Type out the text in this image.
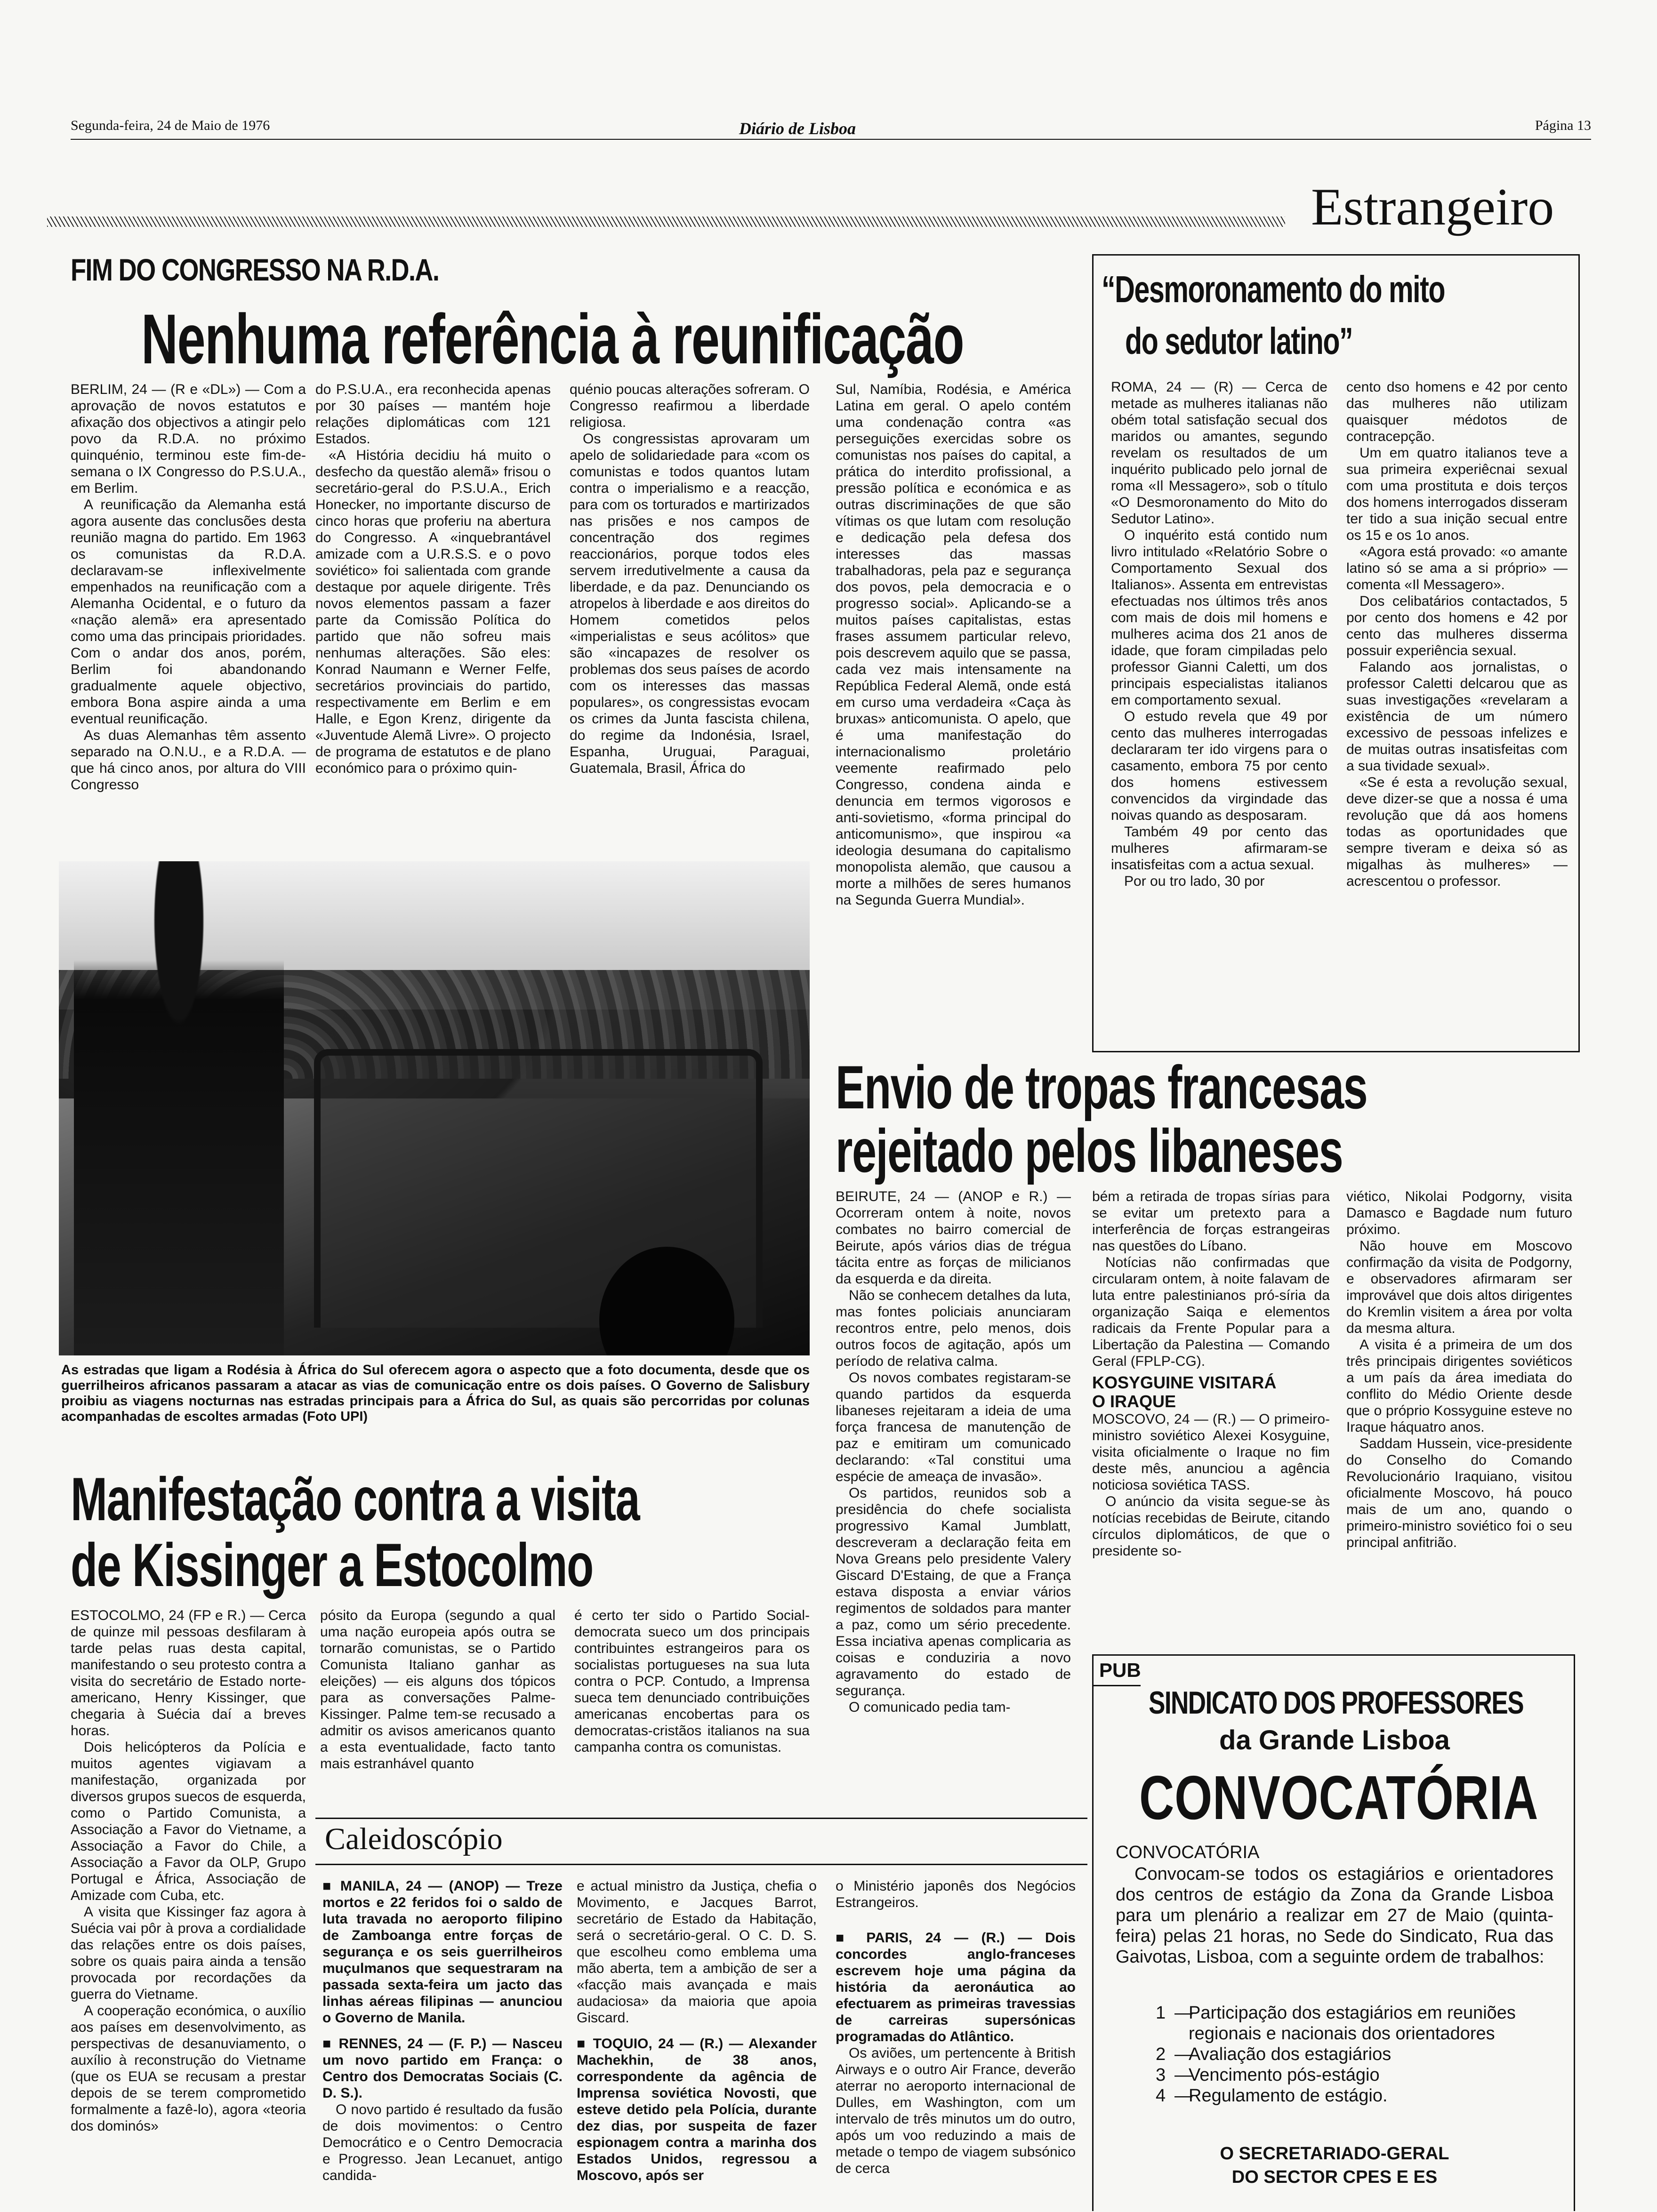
Segunda-feira, 24 de Maio de 1976	Diário de Lisboa	Página 13
Estrangeiro
FIM DO CONGRESSO NA R.D.A.
Nenhuma referência à reunificação

BERLIM, 24 — (R e «DL») — Com a aprovação de novos estatutos e afixação dos objectivos a atingir pelo povo da R.D.A. no próximo quinquénio, terminou este fim-de-semana o IX Congresso do P.S.U.A., em Berlim.

A reunificação da Alemanha está agora ausente das conclusões desta reunião magna do partido. Em 1963 os comunistas da R.D.A. declaravam-se inflexivelmente empenhados na reunificação com a Alemanha Ocidental, e o futuro da «nação alemã» era apresentado como uma das principais prioridades. Com o andar dos anos, porém, Berlim foi abandonando gradualmente aquele objectivo, embora Bona aspire ainda a uma eventual reunificação.

As duas Alemanhas têm assento separado na O.N.U., e a R.D.A. — que há cinco anos, por altura do VIII Congresso

do P.S.U.A., era reconhecida apenas por 30 países — mantém hoje relações diplomáticas com 121 Estados.

«A História decidiu há muito o desfecho da questão alemã» frisou o secretário-geral do P.S.U.A., Erich Honecker, no importante discurso de cinco horas que proferiu na abertura do Congresso. A «inquebrantável amizade com a U.R.S.S. e o povo soviético» foi salientada com grande destaque por aquele dirigente. Três novos elementos passam a fazer parte da Comissão Política do partido que não sofreu mais nenhumas alterações. São eles: Konrad Naumann e Werner Felfe, secretários provinciais do partido, respectivamente em Berlim e em Halle, e Egon Krenz, dirigente da «Juventude Alemã Livre». O projecto de programa de estatutos e de plano económico para o próximo quin-

quénio poucas alterações sofreram. O Congresso reafirmou a liberdade religiosa.

Os congressistas aprovaram um apelo de solidariedade para «com os comunistas e todos quantos lutam contra o imperialismo e a reacção, para com os torturados e martirizados nas prisões e nos campos de concentração dos regimes reaccionários, porque todos eles servem irredutivelmente a causa da liberdade, e da paz. Denunciando os atropelos à liberdade e aos direitos do Homem cometidos pelos «imperialistas e seus acólitos» que são «incapazes de resolver os problemas dos seus países de acordo com os interesses das massas populares», os congressistas evocam os crimes da Junta fascista chilena, do regime da Indonésia, Israel, Espanha, Uruguai, Paraguai, Guatemala, Brasil, África do

Sul, Namíbia, Rodésia, e América Latina em geral. O apelo contém uma condenação contra «as perseguições exercidas sobre os comunistas nos países do capital, a prática do interdito profissional, a pressão política e económica e as outras discriminações de que são vítimas os que lutam com resolução e dedicação pela defesa dos interesses das massas trabalhadoras, pela paz e segurança dos povos, pela democracia e o progresso social». Aplicando-se a muitos países capitalistas, estas frases assumem particular relevo, pois descrevem aquilo que se passa, cada vez mais intensamente na República Federal Alemã, onde está em curso uma verdadeira «Caça às bruxas» anticomunista. O apelo, que é uma manifestação do internacionalismo proletário veemente reafirmado pelo Congresso, condena ainda e denuncia em termos vigorosos e anti-sovietismo, «forma principal do anticomunismo», que inspirou «a ideologia desumana do capitalismo monopolista alemão, que causou a morte a milhões de seres humanos na Segunda Guerra Mundial».

“Desmoronamento do mito
do sedutor latino”

ROMA, 24 — (R) — Cerca de metade as mulheres italianas não obém total satisfação secual dos maridos ou amantes, segundo revelam os resultados de um inquérito publicado pelo jornal de roma «Il Messagero», sob o título «O Desmoronamento do Mito do Sedutor Latino».

O inquérito está contido num livro intitulado «Relatório Sobre o Comportamento Sexual dos Italianos». Assenta em entrevistas efectuadas nos últimos três anos com mais de dois mil homens e mulheres acima dos 21 anos de idade, que foram cimpiladas pelo professor Gianni Caletti, um dos principais especialistas italianos em comportamento sexual.

O estudo revela que 49 por cento das mulheres interrogadas declararam ter ido virgens para o casamento, embora 75 por cento dos homens estivessem convencidos da virgindade das noivas quando as desposaram.

Também 49 por cento das mulheres afirmaram-se insatisfeitas com a actua sexual.

Por ou tro lado, 30 por

cento dso homens e 42 por cento das mulheres não utilizam quaisquer médotos de contracepção.

Um em quatro italianos teve a sua primeira experiêcnai sexual com uma prostituta e dois terços dos homens interrogados disseram ter tido a sua inição secual entre os 15 e os 1o anos.

«Agora está provado: «o amante latino só se ama a si próprio» — comenta «Il Messagero».

Dos celibatários contactados, 5 por cento dos homens e 42 por cento das mulheres disserma possuir experiência sexual.

Falando aos jornalistas, o professor Caletti delcarou que as suas investigações «revelaram a existência de um número excessivo de pessoas infelizes e de muitas outras insatisfeitas com a sua tividade sexual».

«Se é esta a revolução sexual, deve dizer-se que a nossa é uma revolução que dá aos homens todas as oportunidades que sempre tiveram e deixa só as migalhas às mulheres» — acrescentou o professor.

As estradas que ligam a Rodésia à África do Sul oferecem agora o aspecto que a foto documenta, desde que os guerrilheiros africanos passaram a atacar as vias de comunicação entre os dois países. O Governo de Salisbury proibiu as viagens nocturnas nas estradas principais para a África do Sul, as quais são percorridas por colunas acompanhadas de escoltes armadas (Foto UPI)
Envio de tropas francesas
rejeitado pelos libaneses

BEIRUTE, 24 — (ANOP e R.) — Ocorreram ontem à noite, novos combates no bairro comercial de Beirute, após vários dias de trégua tácita entre as forças de milicianos da esquerda e da direita.

Não se conhecem detalhes da luta, mas fontes policiais anunciaram recontros entre, pelo menos, dois outros focos de agitação, após um período de relativa calma.

Os novos combates registaram-se quando partidos da esquerda libaneses rejeitaram a ideia de uma força francesa de manutenção de paz e emitiram um comunicado declarando: «Tal constitui uma espécie de ameaça de invasão».

Os partidos, reunidos sob a presidência do chefe socialista progressivo Kamal Jumblatt, descreveram a declaração feita em Nova Greans pelo presidente Valery Giscard D'Estaing, de que a França estava disposta a enviar vários regimentos de soldados para manter a paz, como um sério precedente. Essa inciativa apenas complicaria as coisas e conduziria a novo agravamento do estado de segurança.

O comunicado pedia tam-

bém a retirada de tropas sírias para se evitar um pretexto para a interferência de forças estrangeiras nas questões do Líbano.

Notícias não confirmadas que circularam ontem, à noite falavam de luta entre palestinianos pró-síria da organização Saiqa e elementos radicais da Frente Popular para a Libertação da Palestina — Comando Geral (FPLP-CG).

KOSYGUINE VISITARÁ
O IRAQUE

MOSCOVO, 24 — (R.) — O primeiro-ministro soviético Alexei Kosyguine, visita oficialmente o Iraque no fim deste mês, anunciou a agência noticiosa soviética TASS.

O anúncio da visita segue-se às notícias recebidas de Beirute, citando círculos diplomáticos, de que o presidente so-

viético, Nikolai Podgorny, visita Damasco e Bagdade num futuro próximo.

Não houve em Moscovo confirmação da visita de Podgorny, e observadores afirmaram ser improvável que dois altos dirigentes do Kremlin visitem a área por volta da mesma altura.

A visita é a primeira de um dos três principais dirigentes soviéticos a um país da área imediata do conflito do Médio Oriente desde que o próprio Kossyguine esteve no Iraque háquatro anos.

Saddam Hussein, vice-presidente do Conselho do Comando Revolucionário Iraquiano, visitou oficialmente Moscovo, há pouco mais de um ano, quando o primeiro-ministro soviético foi o seu principal anfitrião.

Manifestação contra a visita
de Kissinger a Estocolmo

ESTOCOLMO, 24 (FP e R.) — Cerca de quinze mil pessoas desfilaram à tarde pelas ruas desta capital, manifestando o seu protesto contra a visita do secretário de Estado norte-americano, Henry Kissinger, que chegaria à Suécia daí a breves horas.

Dois helicópteros da Polícia e muitos agentes vigiavam a manifestação, organizada por diversos grupos suecos de esquerda, como o Partido Comunista, a Associação a Favor do Vietname, a Associação a Favor do Chile, a Associação a Favor da OLP, Grupo Portugal e África, Associação de Amizade com Cuba, etc.

A visita que Kissinger faz agora à Suécia vai pôr à prova a cordialidade das relações entre os dois países, sobre os quais paira ainda a tensão provocada por recordações da guerra do Vietname.

A cooperação económica, o auxílio aos países em desenvolvimento, as perspectivas de desanuviamento, o auxílio à reconstrução do Vietname (que os EUA se recusam a prestar depois de se terem comprometido formalmente a fazê-lo), agora «teoria dos dominós»

pósito da Europa (segundo a qual uma nação europeia após outra se tornarão comunistas, se o Partido Comunista Italiano ganhar as eleições) — eis alguns dos tópicos para as conversações Palme-Kissinger. Palme tem-se recusado a admitir os avisos americanos quanto a esta eventualidade, facto tanto mais estranhável quanto

é certo ter sido o Partido Social-democrata sueco um dos principais contribuintes estrangeiros para os socialistas portugueses na sua luta contra o PCP. Contudo, a Imprensa sueca tem denunciado contribuições americanas encobertas para os democratas-cristãos italianos na sua campanha contra os comunistas.

Caleidoscópio

■ MANILA, 24 — (ANOP) — Treze mortos e 22 feridos foi o saldo de luta travada no aeroporto filipino de Zamboanga entre forças de segurança e os seis guerrilheiros muçulmanos que sequestraram na passada sexta-feira um jacto das linhas aéreas filipinas — anunciou o Governo de Manila.

■ RENNES, 24 — (F. P.) — Nasceu um novo partido em França: o Centro dos Democratas Sociais (C. D. S.).

O novo partido é resultado da fusão de dois movimentos: o Centro Democrático e o Centro Democracia e Progresso. Jean Lecanuet, antigo candida-

e actual ministro da Justiça, chefia o Movimento, e Jacques Barrot, secretário de Estado da Habitação, será o secretário-geral. O C. D. S. que escolheu como emblema uma mão aberta, tem a ambição de ser a «facção mais avançada e mais audaciosa» da maioria que apoia Giscard.

■ TOQUIO, 24 — (R.) — Alexander Machekhin, de 38 anos, correspondente da agência de Imprensa soviética Novosti, que esteve detido pela Polícia, durante dez dias, por suspeita de fazer espionagem contra a marinha dos Estados Unidos, regressou a Moscovo, após ser

o Ministério japonês dos Negócios Estrangeiros.

■ PARIS, 24 — (R.) — Dois concordes anglo-franceses escrevem hoje uma página da história da aeronáutica ao efectuarem as primeiras travessias de carreiras supersónicas programadas do Atlântico.

Os aviões, um pertencente à British Airways e o outro Air France, deverão aterrar no aeroporto internacional de Dulles, em Washington, com um intervalo de três minutos um do outro, após um voo reduzindo a mais de metade o tempo de viagem subsónico de cerca

PUB
SINDICATO DOS PROFESSORES
da Grande Lisboa
CONVOCATÓRIA
CONVOCATÓRIA
Convocam-se todos os estagiários e orientadores dos centros de estágio da Zona da Grande Lisboa para um plenário a realizar em 27 de Maio (quinta-feira) pelas 21 horas, no Sede do Sindicato, Rua das Gaivotas, Lisboa, com a seguinte ordem de trabalhos:
1 —
Participação dos estagiários em reuniões regionais e nacionais dos orientadores
2 —
Avaliação dos estagiários
3 —
Vencimento pós-estágio
4 —
Regulamento de estágio.
O SECRETARIADO-GERAL
DO SECTOR CPES E ES
